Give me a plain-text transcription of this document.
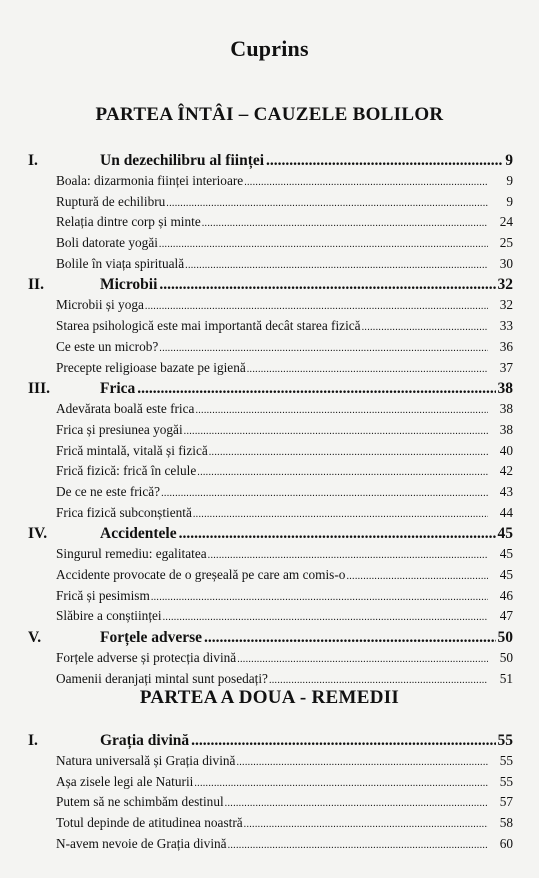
Cuprins
PARTEA ÎNTÂI – CAUZELE BOLILOR
I.	Un dezechilibru al ființei .....	9
Boala: dizarmonia ființei interioare .....	9
Ruptură de echilibru .....	9
Relația dintre corp și minte .....	24
Boli datorate yogăi .....	25
Bolile în viața spirituală .....	30
II.	Microbii .....	32
Microbii și yoga .....	32
Starea psihologică este mai importantă decât starea fizică .....	33
Ce este un microb? .....	36
Precepte religioase bazate pe igienă .....	37
III.	Frica .....	38
Adevărata boală este frica .....	38
Frica și presiunea yogăi .....	38
Frică mintală, vitală și fizică .....	40
Frică fizică: frică în celule .....	42
De ce ne este frică? .....	43
Frica fizică subconștientă .....	44
IV.	Accidentele .....	45
Singurul remediu: egalitatea .....	45
Accidente provocate de o greșeală pe care am comis-o .....	45
Frică și pesimism .....	46
Slăbire a conștiinței .....	47
V.	Forțele adverse .....	50
Forțele adverse și protecția divină .....	50
Oamenii deranjați mintal sunt posedați? .....	51
PARTEA A DOUA - REMEDII
I.	Grația divină .....	55
Natura universală și Grația divină .....	55
Așa zisele legi ale Naturii .....	55
Putem să ne schimbăm destinul .....	57
Totul depinde de atitudinea noastră .....	58
N-avem nevoie de Grația divină .....	60
